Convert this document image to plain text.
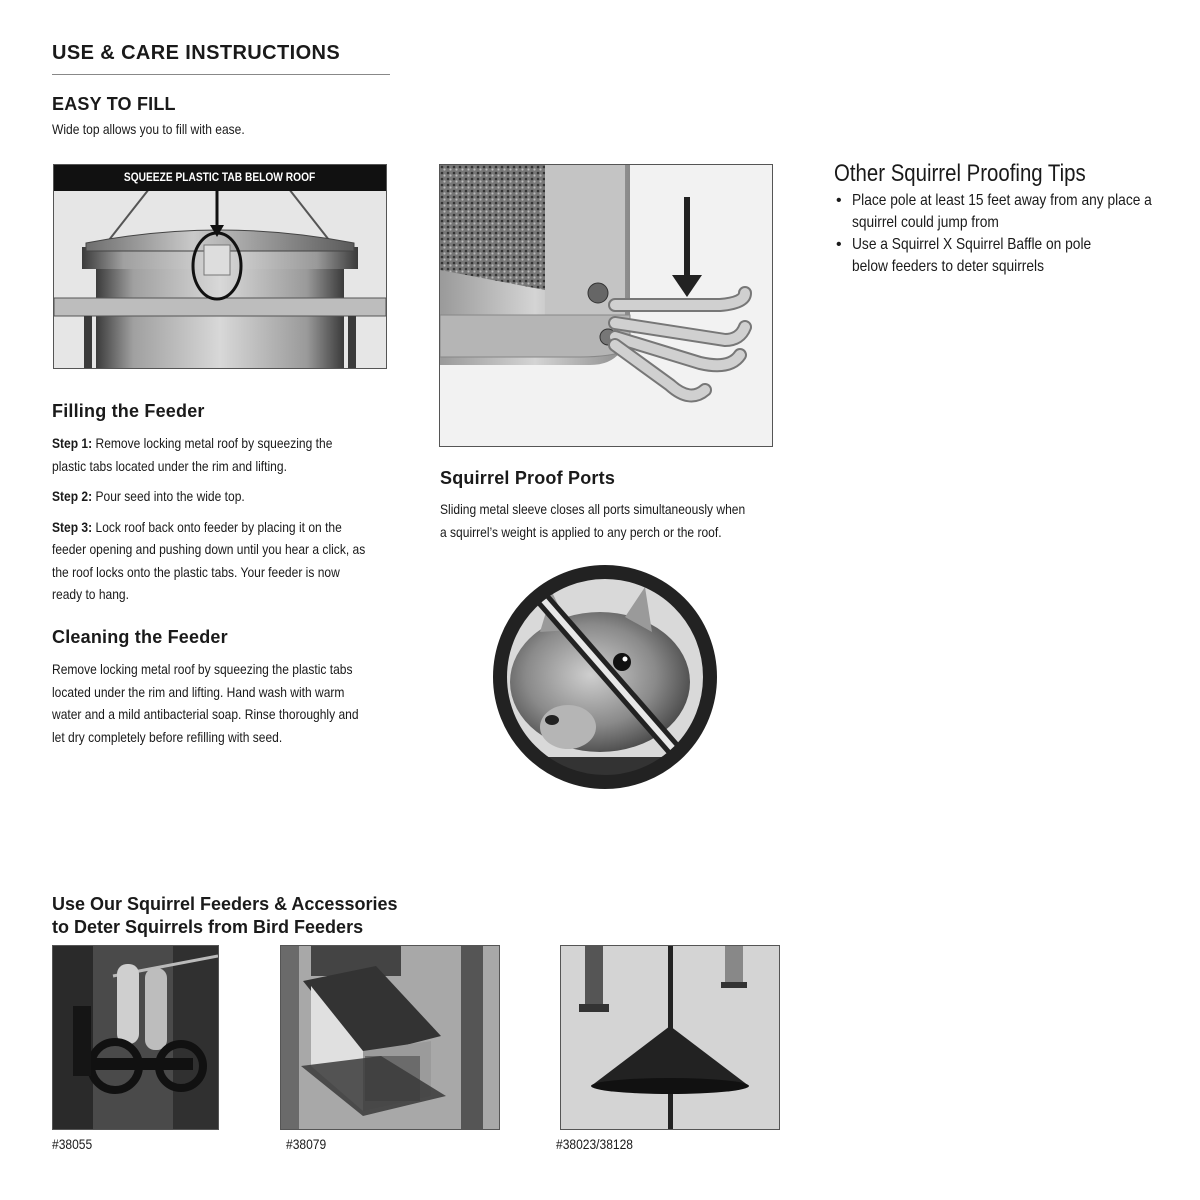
USE & CARE INSTRUCTIONS
EASY TO FILL
Wide top allows you to fill with ease.
SQUEEZE PLASTIC TAB BELOW ROOF
Filling the Feeder
Step 1: Remove locking metal roof by squeezing the
plastic tabs located under the rim and lifting.
Step 2: Pour seed into the wide top.
Step 3: Lock roof back onto feeder by placing it on the
feeder opening and pushing down until you hear a click, as
the roof locks onto the plastic tabs. Your feeder is now
ready to hang.
Cleaning the Feeder
Remove locking metal roof by squeezing the plastic tabs
located under the rim and lifting. Hand wash with warm
water and a mild antibacterial soap. Rinse thoroughly and
let dry completely before refilling with seed.
Squirrel Proof Ports
Sliding metal sleeve closes all ports simultaneously when
a squirrel’s weight is applied to any perch or the roof.
Other Squirrel Proofing Tips
• Place pole at least 15 feet away from any place a
squirrel could jump from
• Use a Squirrel X Squirrel Baffle on pole
below feeders to deter squirrels
Use Our Squirrel Feeders & Accessories
to Deter Squirrels from Bird Feeders
#38055	#38079	#38023/38128
